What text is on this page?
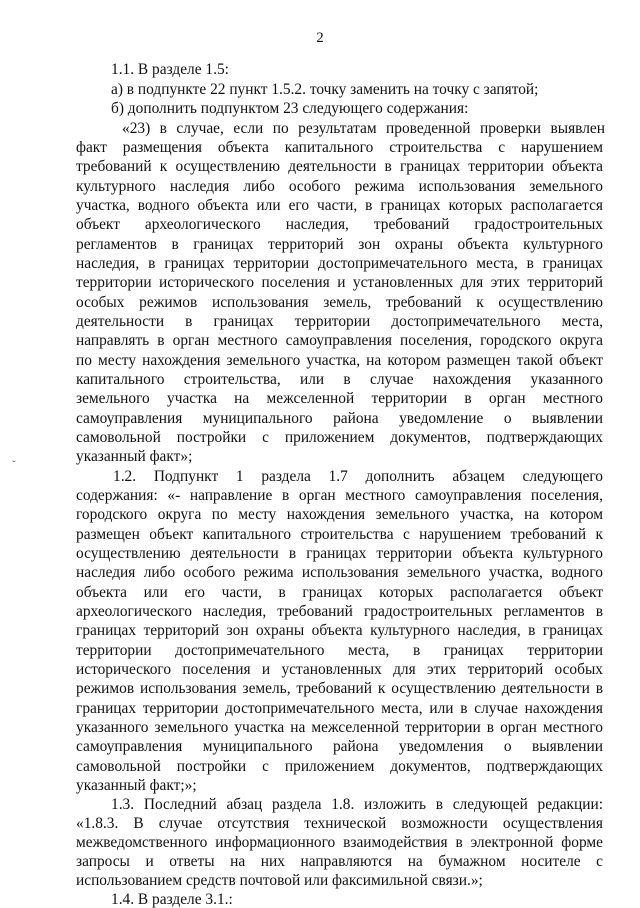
2
ˇ
1.1. В разделе 1.5:
а) в подпункте 22 пункт 1.5.2. точку заменить на точку с запятой;
б) дополнить подпунктом 23 следующего содержания:
«23) в случае, если по результатам проведенной проверки выявлен
факт размещения объекта капитального строительства с нарушением
требований к осуществлению деятельности в границах территории объекта
культурного наследия либо особого режима использования земельного
участка, водного объекта или его части, в границах которых располагается
объект археологического наследия, требований градостроительных
регламентов в границах территорий зон охраны объекта культурного
наследия, в границах территории достопримечательного места, в границах
территории исторического поселения и установленных для этих территорий
особых режимов использования земель, требований к осуществлению
деятельности в границах территории достопримечательного места,
направлять в орган местного самоуправления поселения, городского округа
по месту нахождения земельного участка, на котором размещен такой объект
капитального строительства, или в случае нахождения указанного
земельного участка на межселенной территории в орган местного
самоуправления муниципального района уведомление о выявлении
самовольной постройки с приложением документов, подтверждающих
указанный факт»;
1.2. Подпункт 1 раздела 1.7 дополнить абзацем следующего
содержания: «- направление в орган местного самоуправления поселения,
городского округа по месту нахождения земельного участка, на котором
размещен объект капитального строительства с нарушением требований к
осуществлению деятельности в границах территории объекта культурного
наследия либо особого режима использования земельного участка, водного
объекта или его части, в границах которых располагается объект
археологического наследия, требований градостроительных регламентов в
границах территорий зон охраны объекта культурного наследия, в границах
территории достопримечательного места, в границах территории
исторического поселения и установленных для этих территорий особых
режимов использования земель, требований к осуществлению деятельности в
границах территории достопримечательного места, или в случае нахождения
указанного земельного участка на межселенной территории в орган местного
самоуправления муниципального района уведомления о выявлении
самовольной постройки с приложением документов, подтверждающих
указанный факт;»;
1.3. Последний абзац раздела 1.8. изложить в следующей редакции:
«1.8.3. В случае отсутствия технической возможности осуществления
межведомственного информационного взаимодействия в электронной форме
запросы и ответы на них направляются на бумажном носителе с
использованием средств почтовой или факсимильной связи.»;
1.4. В разделе 3.1.:
